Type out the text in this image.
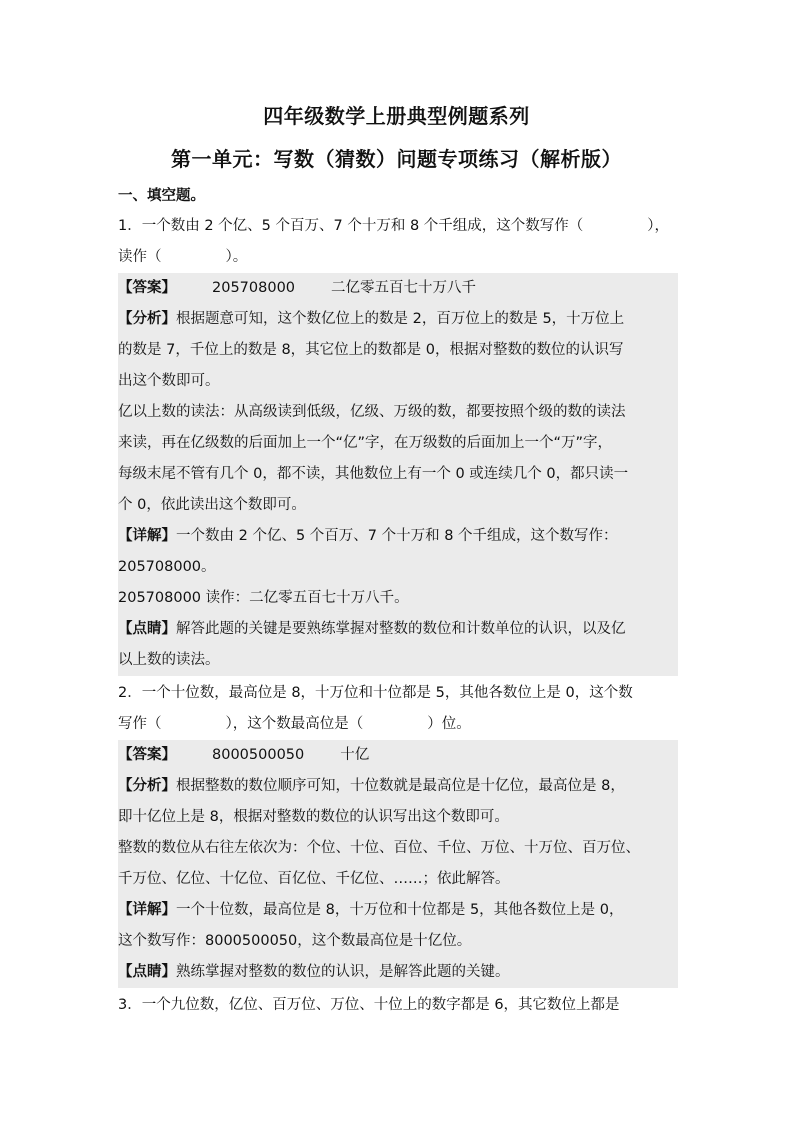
四年级数学上册典型例题系列
第一单元：写数（猜数）问题专项练习（解析版）
一、填空题。
1．一个数由 2 个亿、5 个百万、7 个十万和 8 个千组成，这个数写作（	），
读作（	）。
【答案】 205708000 二亿零五百七十万八千
【分析】根据题意可知，这个数亿位上的数是 2，百万位上的数是 5，十万位上
的数是 7，千位上的数是 8，其它位上的数都是 0，根据对整数的数位的认识写
出这个数即可。
亿以上数的读法：从高级读到低级，亿级、万级的数，都要按照个级的数的读法
来读，再在亿级数的后面加上一个“亿”字，在万级数的后面加上一个“万”字，
每级末尾不管有几个 0，都不读，其他数位上有一个 0 或连续几个 0，都只读一
个 0，依此读出这个数即可。
【详解】一个数由 2 个亿、5 个百万、7 个十万和 8 个千组成，这个数写作：
205708000。
205708000 读作：二亿零五百七十万八千。
【点睛】解答此题的关键是要熟练掌握对整数的数位和计数单位的认识，以及亿
以上数的读法。
2．一个十位数，最高位是 8，十万位和十位都是 5，其他各数位上是 0，这个数
写作（	），这个数最高位是（	）位。
【答案】 8000500050 十亿
【分析】根据整数的数位顺序可知，十位数就是最高位是十亿位，最高位是 8，
即十亿位上是 8，根据对整数的数位的认识写出这个数即可。
整数的数位从右往左依次为：个位、十位、百位、千位、万位、十万位、百万位、
千万位、亿位、十亿位、百亿位、千亿位、……；依此解答。
【详解】一个十位数，最高位是 8，十万位和十位都是 5，其他各数位上是 0，
这个数写作：8000500050，这个数最高位是十亿位。
【点睛】熟练掌握对整数的数位的认识，是解答此题的关键。
3．一个九位数，亿位、百万位、万位、十位上的数字都是 6，其它数位上都是
